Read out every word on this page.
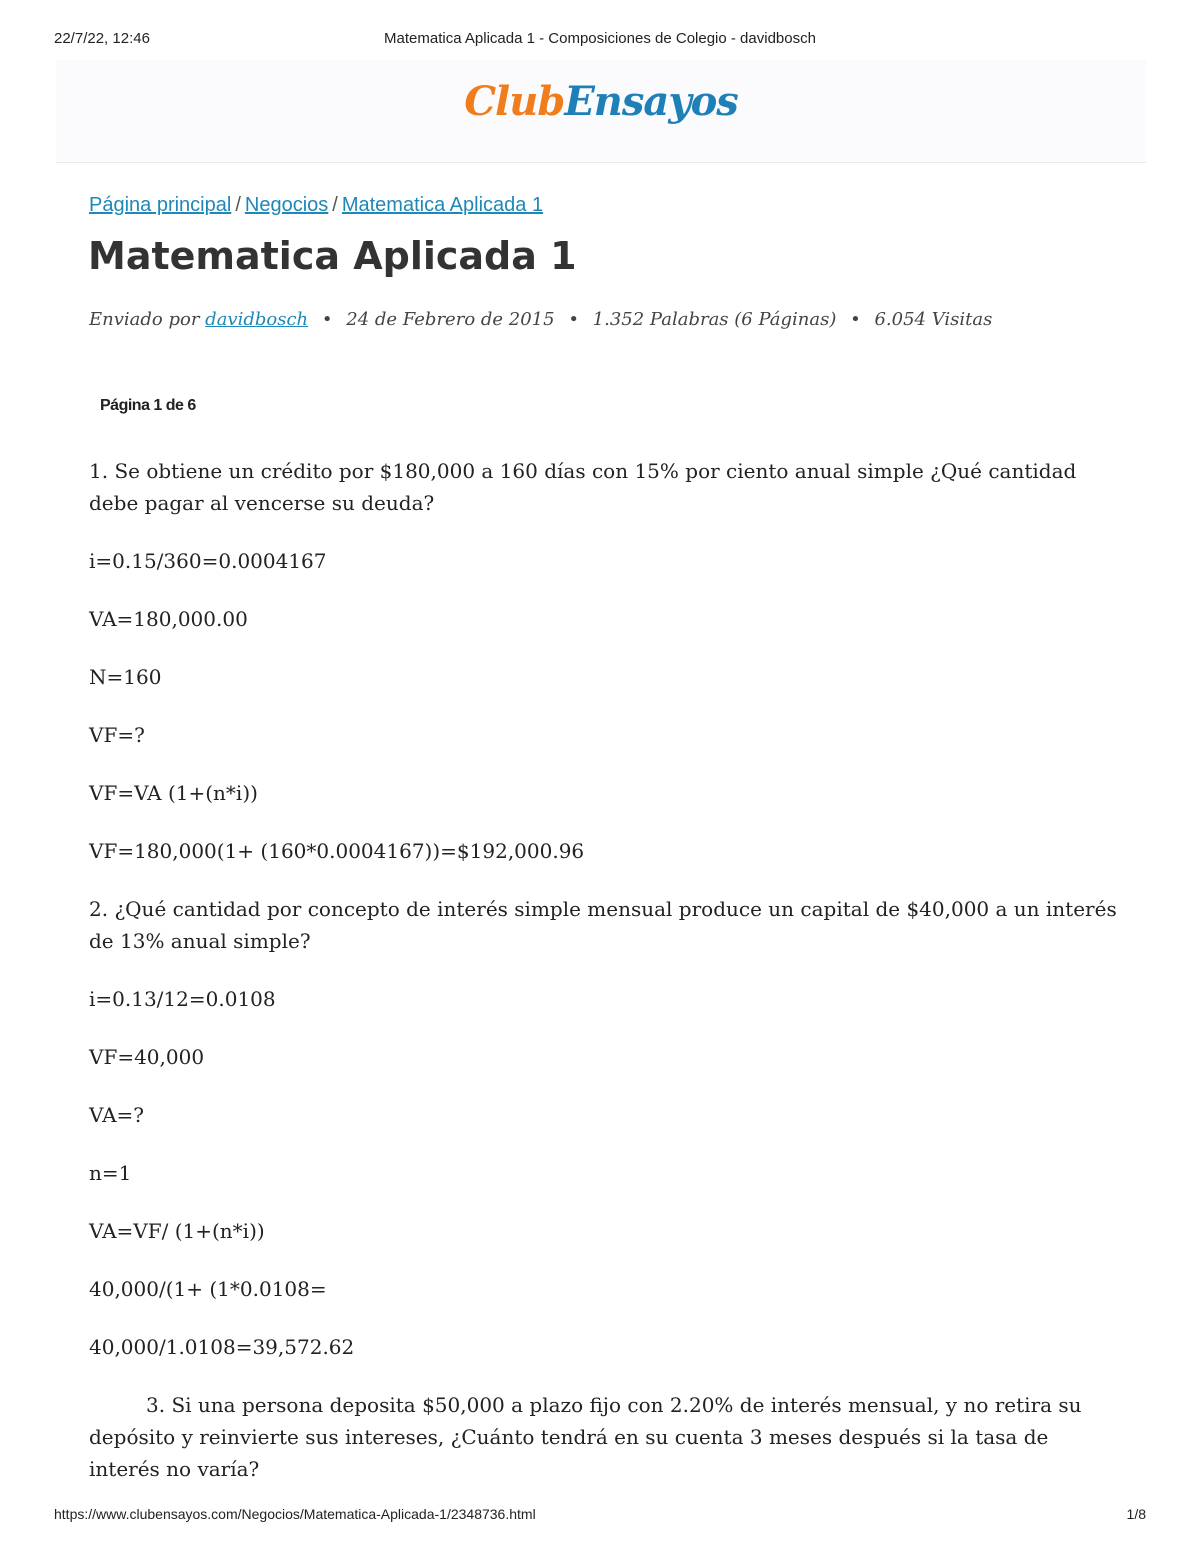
22/7/22, 12:46	Matematica Aplicada 1 - Composiciones de Colegio - davidbosch
ClubEnsayos
Página principal / Negocios / Matematica Aplicada 1
Matematica Aplicada 1
Enviado por davidbosch • 24 de Febrero de 2015 • 1.352 Palabras (6 Páginas) • 6.054 Visitas
Página 1 de 6

1. Se obtiene un crédito por $180,000 a 160 días con 15% por ciento anual simple ¿Qué cantidad debe pagar al vencerse su deuda?

i=0.15/360=0.0004167

VA=180,000.00

N=160

VF=?

VF=VA (1+(n*i))

VF=180,000(1+ (160*0.0004167))=$192,000.96

2. ¿Qué cantidad por concepto de interés simple mensual produce un capital de $40,000 a un interés de 13% anual simple?

i=0.13/12=0.0108

VF=40,000

VA=?

n=1

VA=VF/ (1+(n*i))

40,000/(1+ (1*0.0108=

40,000/1.0108=39,572.62

3. Si una persona deposita $50,000 a plazo fijo con 2.20% de interés mensual, y no retira su depósito y reinvierte sus intereses, ¿Cuánto tendrá en su cuenta 3 meses después si la tasa de interés no varía?

https://www.clubensayos.com/Negocios/Matematica-Aplicada-1/2348736.html	1/8
